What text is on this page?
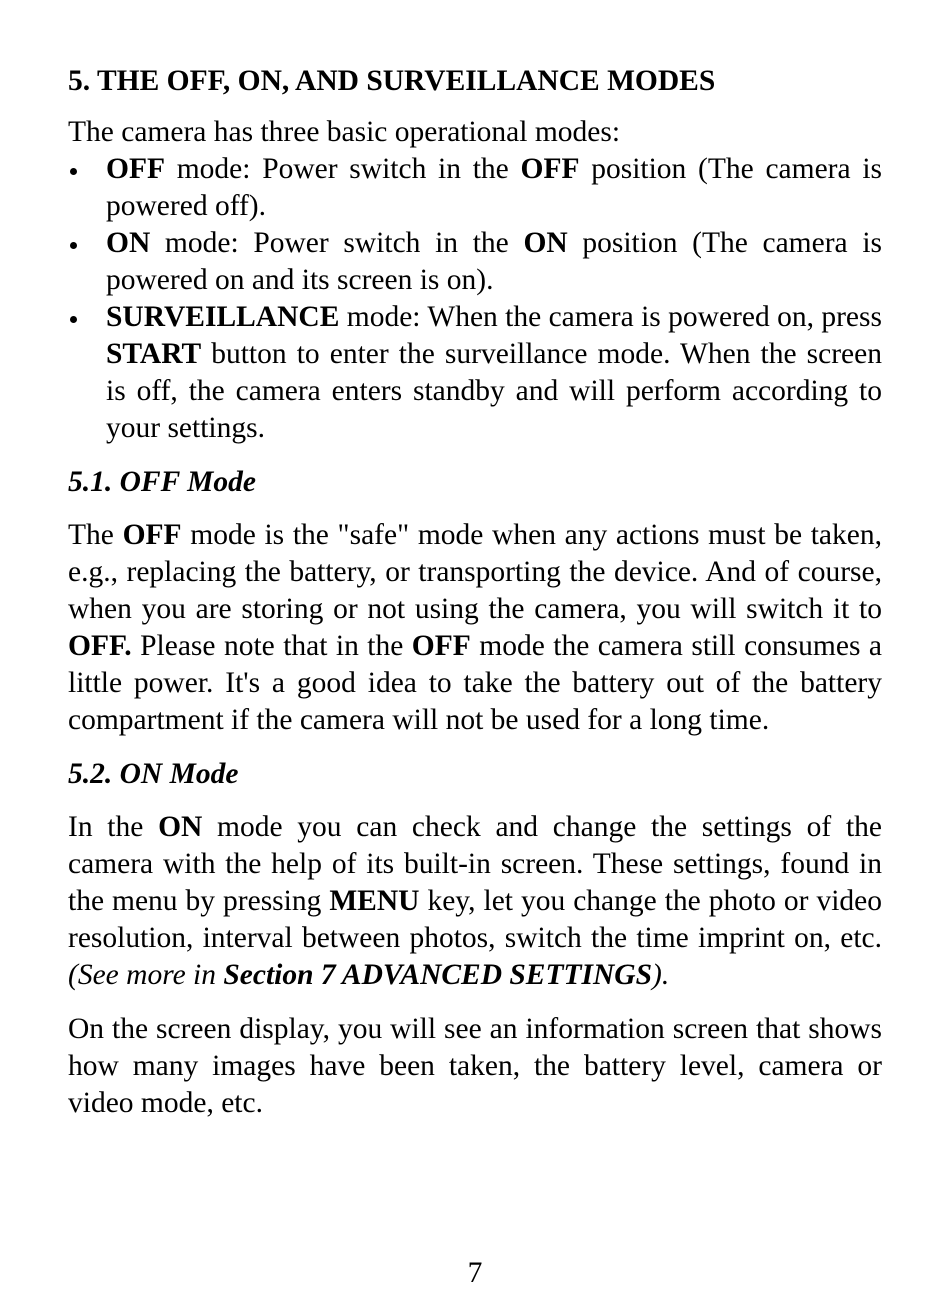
5. THE OFF, ON, AND SURVEILLANCE MODES

The camera has three basic operational modes:

OFF mode: Power switch in the OFF position (The camera is powered off).
ON mode: Power switch in the ON position (The camera is powered on and its screen is on).
SURVEILLANCE mode: When the camera is powered on, press START button to enter the surveillance mode. When the screen is off, the camera enters standby and will perform according to your settings.
5.1. OFF Mode

The OFF mode is the "safe" mode when any actions must be taken, e.g., replacing the battery, or transporting the device. And of course, when you are storing or not using the camera, you will switch it to OFF. Please note that in the OFF mode the camera still consumes a little power. It's a good idea to take the battery out of the battery compartment if the camera will not be used for a long time.

5.2. ON Mode

In the ON mode you can check and change the settings of the camera with the help of its built-in screen. These settings, found in the menu by pressing MENU key, let you change the photo or video resolution, interval between photos, switch the time imprint on, etc. (See more in Section 7 ADVANCED SETTINGS).

On the screen display, you will see an information screen that shows how many images have been taken, the battery level, camera or video mode, etc.

7
